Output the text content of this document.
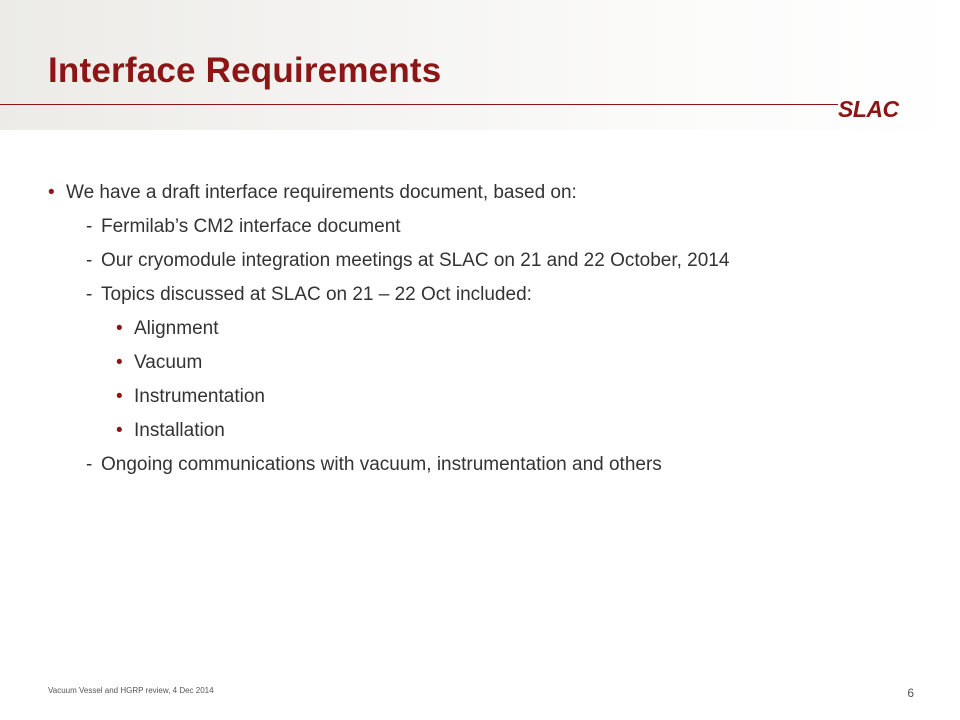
Interface Requirements
SLAC
• We have a draft interface requirements document, based on:
- Fermilab’s CM2 interface document
- Our cryomodule integration meetings at SLAC on 21 and 22 October, 2014
- Topics discussed at SLAC on 21 – 22 Oct included:
• Alignment
• Vacuum
• Instrumentation
• Installation
- Ongoing communications with vacuum, instrumentation and others
Vacuum Vessel and HGRP review, 4 Dec 2014	6
